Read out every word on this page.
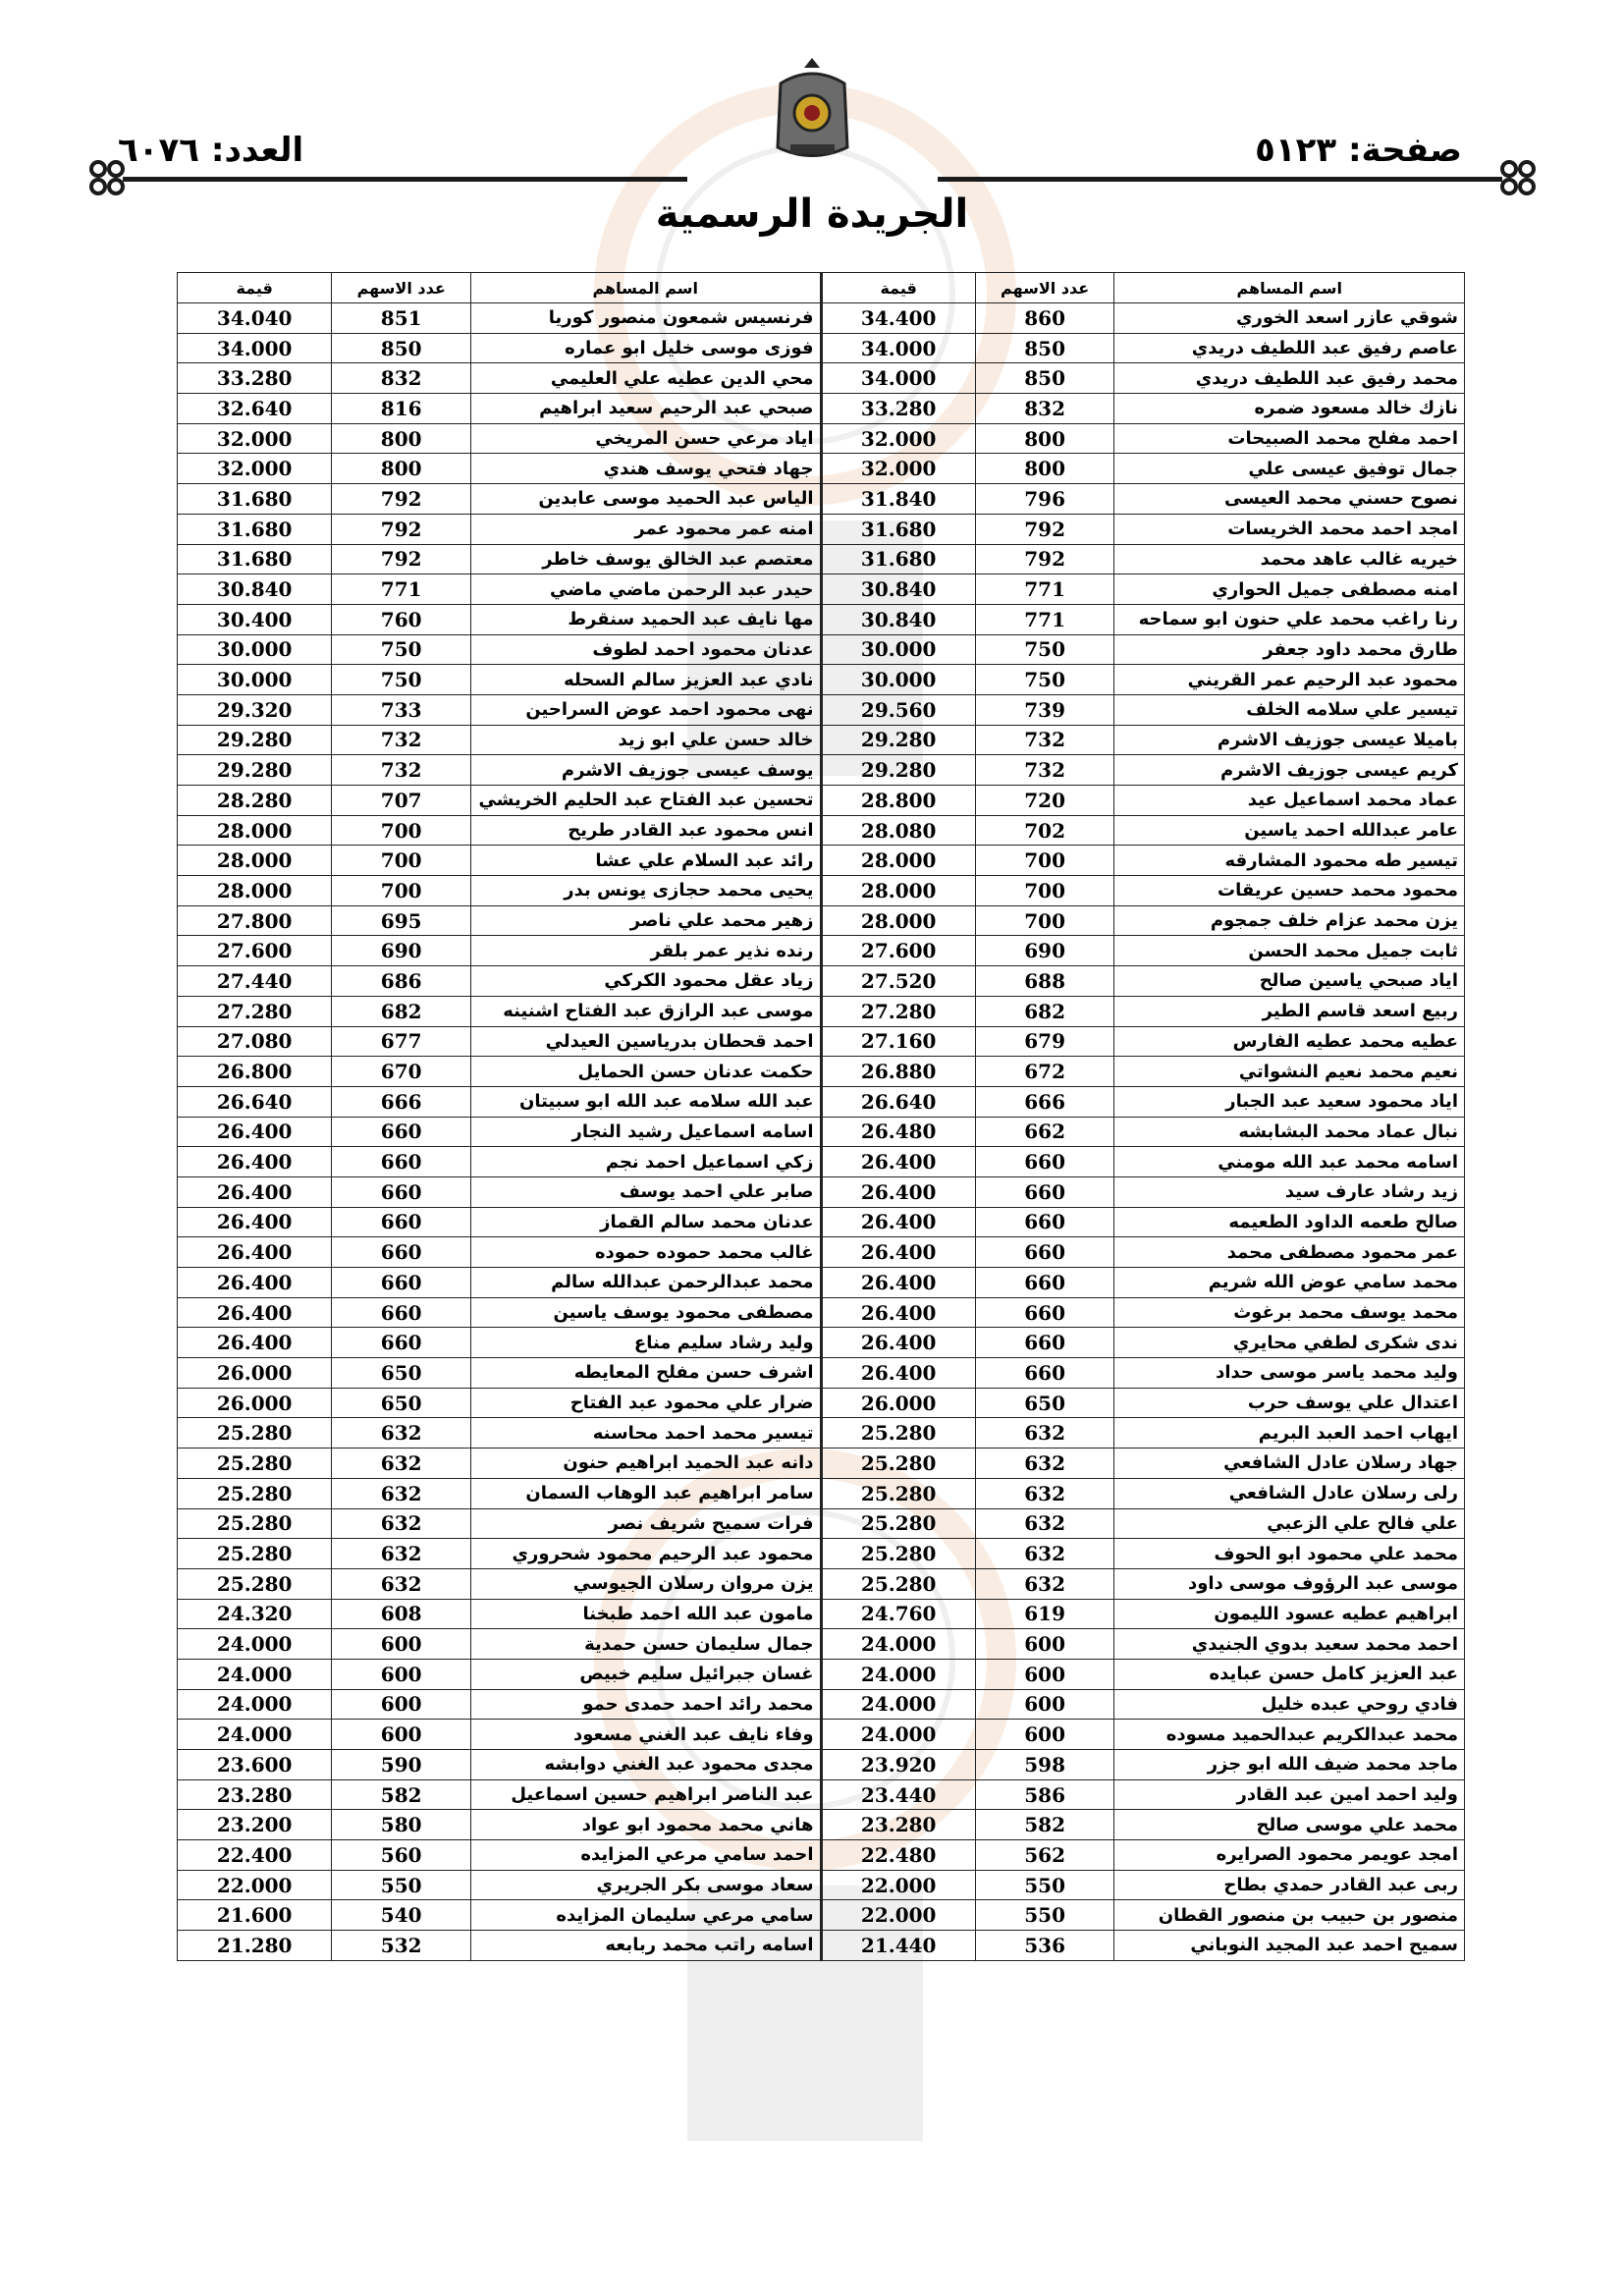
صفحة: ٥١٢٣
العدد: ٦٠٧٦
الجريدة الرسمية
اسم المساهم	عدد الاسهم	قيمة	اسم المساهم	عدد الاسهم	قيمة
شوقي عازر اسعد الخوري	860	34.400	فرنسيس شمعون منصور كوريا	851	34.040
عاصم رفيق عبد اللطيف دريدي	850	34.000	فوزى موسى خليل ابو عماره	850	34.000
محمد رفيق عبد اللطيف دريدي	850	34.000	محي الدين عطيه علي العليمي	832	33.280
نازك خالد مسعود ضمره	832	33.280	صبحي عبد الرحيم سعيد ابراهيم	816	32.640
احمد مفلح محمد الصبيحات	800	32.000	اياد مرعي حسن المريخي	800	32.000
جمال توفيق عيسى علي	800	32.000	جهاد فتحي يوسف هندي	800	32.000
نصوح حسني محمد العيسى	796	31.840	الياس عبد الحميد موسى عابدين	792	31.680
امجد احمد محمد الخريسات	792	31.680	امنه عمر محمود عمر	792	31.680
خيريه غالب عاهد محمد	792	31.680	معتصم عبد الخالق يوسف خاطر	792	31.680
امنه مصطفى جميل الحواري	771	30.840	حيدر عبد الرحمن ماضي ماضي	771	30.840
رنا راغب محمد علي حنون ابو سماحه	771	30.840	مها نايف عبد الحميد سنقرط	760	30.400
طارق محمد داود جعفر	750	30.000	عدنان محمود احمد لطوف	750	30.000
محمود عبد الرحيم عمر القريني	750	30.000	نادي عبد العزيز سالم السحله	750	30.000
تيسير علي سلامه الخلف	739	29.560	نهى محمود احمد عوض السراحين	733	29.320
باميلا عيسى جوزيف الاشرم	732	29.280	خالد حسن علي ابو زيد	732	29.280
كريم عيسى جوزيف الاشرم	732	29.280	يوسف عيسى جوزيف الاشرم	732	29.280
عماد محمد اسماعيل عيد	720	28.800	تحسين عبد الفتاح عبد الحليم الخريشي	707	28.280
عامر عبدالله احمد ياسين	702	28.080	انس محمود عبد القادر طريح	700	28.000
تيسير طه محمود المشارقه	700	28.000	رائد عبد السلام علي عشا	700	28.000
محمود محمد حسين عريقات	700	28.000	يحيى محمد حجازى يونس بدر	700	28.000
يزن محمد عزام خلف جمجوم	700	28.000	زهير محمد علي ناصر	695	27.800
ثابت جميل محمد الحسن	690	27.600	رنده نذير عمر بلقر	690	27.600
اياد صبحي ياسين صالح	688	27.520	زياد عقل محمود الكركي	686	27.440
ربيع اسعد قاسم الطير	682	27.280	موسى عبد الرازق عبد الفتاح اشنينه	682	27.280
عطيه محمد عطيه الفارس	679	27.160	احمد قحطان بدرياسين العيدلي	677	27.080
نعيم محمد نعيم النشواتي	672	26.880	حكمت عدنان حسن الحمايل	670	26.800
اياد محمود سعيد عبد الجبار	666	26.640	عبد الله سلامه عبد الله ابو سبيتان	666	26.640
نبال عماد محمد البشابشه	662	26.480	اسامه اسماعيل رشيد النجار	660	26.400
اسامه محمد عبد الله مومني	660	26.400	زكي اسماعيل احمد نجم	660	26.400
زيد رشاد عارف سيد	660	26.400	صابر علي احمد يوسف	660	26.400
صالح طعمه الداود الطعيمه	660	26.400	عدنان محمد سالم القماز	660	26.400
عمر محمود مصطفى محمد	660	26.400	غالب محمد حموده حموده	660	26.400
محمد سامي عوض الله شريم	660	26.400	محمد عبدالرحمن عبدالله سالم	660	26.400
محمد يوسف محمد برغوث	660	26.400	مصطفى محمود يوسف ياسين	660	26.400
ندى شكرى لطفي محايري	660	26.400	وليد رشاد سليم مناع	660	26.400
وليد محمد ياسر موسى حداد	660	26.400	اشرف حسن مفلح المعايطه	650	26.000
اعتدال علي يوسف حرب	650	26.000	ضرار علي محمود عبد الفتاح	650	26.000
ايهاب احمد العبد البريم	632	25.280	تيسير محمد احمد محاسنه	632	25.280
جهاد رسلان عادل الشافعي	632	25.280	دانه عبد الحميد ابراهيم حنون	632	25.280
رلى رسلان عادل الشافعي	632	25.280	سامر ابراهيم عبد الوهاب السمان	632	25.280
علي فالح علي الزعبي	632	25.280	فرات سميح شريف نصر	632	25.280
محمد علي محمود ابو الحوف	632	25.280	محمود عبد الرحيم محمود شحروري	632	25.280
موسى عبد الرؤوف موسى داود	632	25.280	يزن مروان رسلان الجيوسي	632	25.280
ابراهيم عطيه عسود الليمون	619	24.760	مامون عبد الله احمد طبخنا	608	24.320
احمد محمد سعيد بدوي الجنيدي	600	24.000	جمال سليمان حسن حمدية	600	24.000
عبد العزيز كامل حسن عبايده	600	24.000	غسان جبرائيل سليم خبيص	600	24.000
فادي روحي عبده خليل	600	24.000	محمد رائد احمد حمدى حمو	600	24.000
محمد عبدالكريم عبدالحميد مسوده	600	24.000	وفاء نايف عبد الغني مسعود	600	24.000
ماجد محمد ضيف الله ابو جزر	598	23.920	مجدى محمود عبد الغني دوابشه	590	23.600
وليد احمد امين عبد القادر	586	23.440	عبد الناصر ابراهيم حسين اسماعيل	582	23.280
محمد علي موسى صالح	582	23.280	هاني محمد محمود ابو عواد	580	23.200
امجد عويمر محمود الصرايره	562	22.480	احمد سامي مرعي المزايده	560	22.400
ربى عبد القادر حمدي بطاح	550	22.000	سعاد موسى بكر الجريري	550	22.000
منصور بن حبيب بن منصور القطان	550	22.000	سامي مرعي سليمان المزايده	540	21.600
سميح احمد عبد المجيد النوباني	536	21.440	اسامه راتب محمد ربابعه	532	21.280
